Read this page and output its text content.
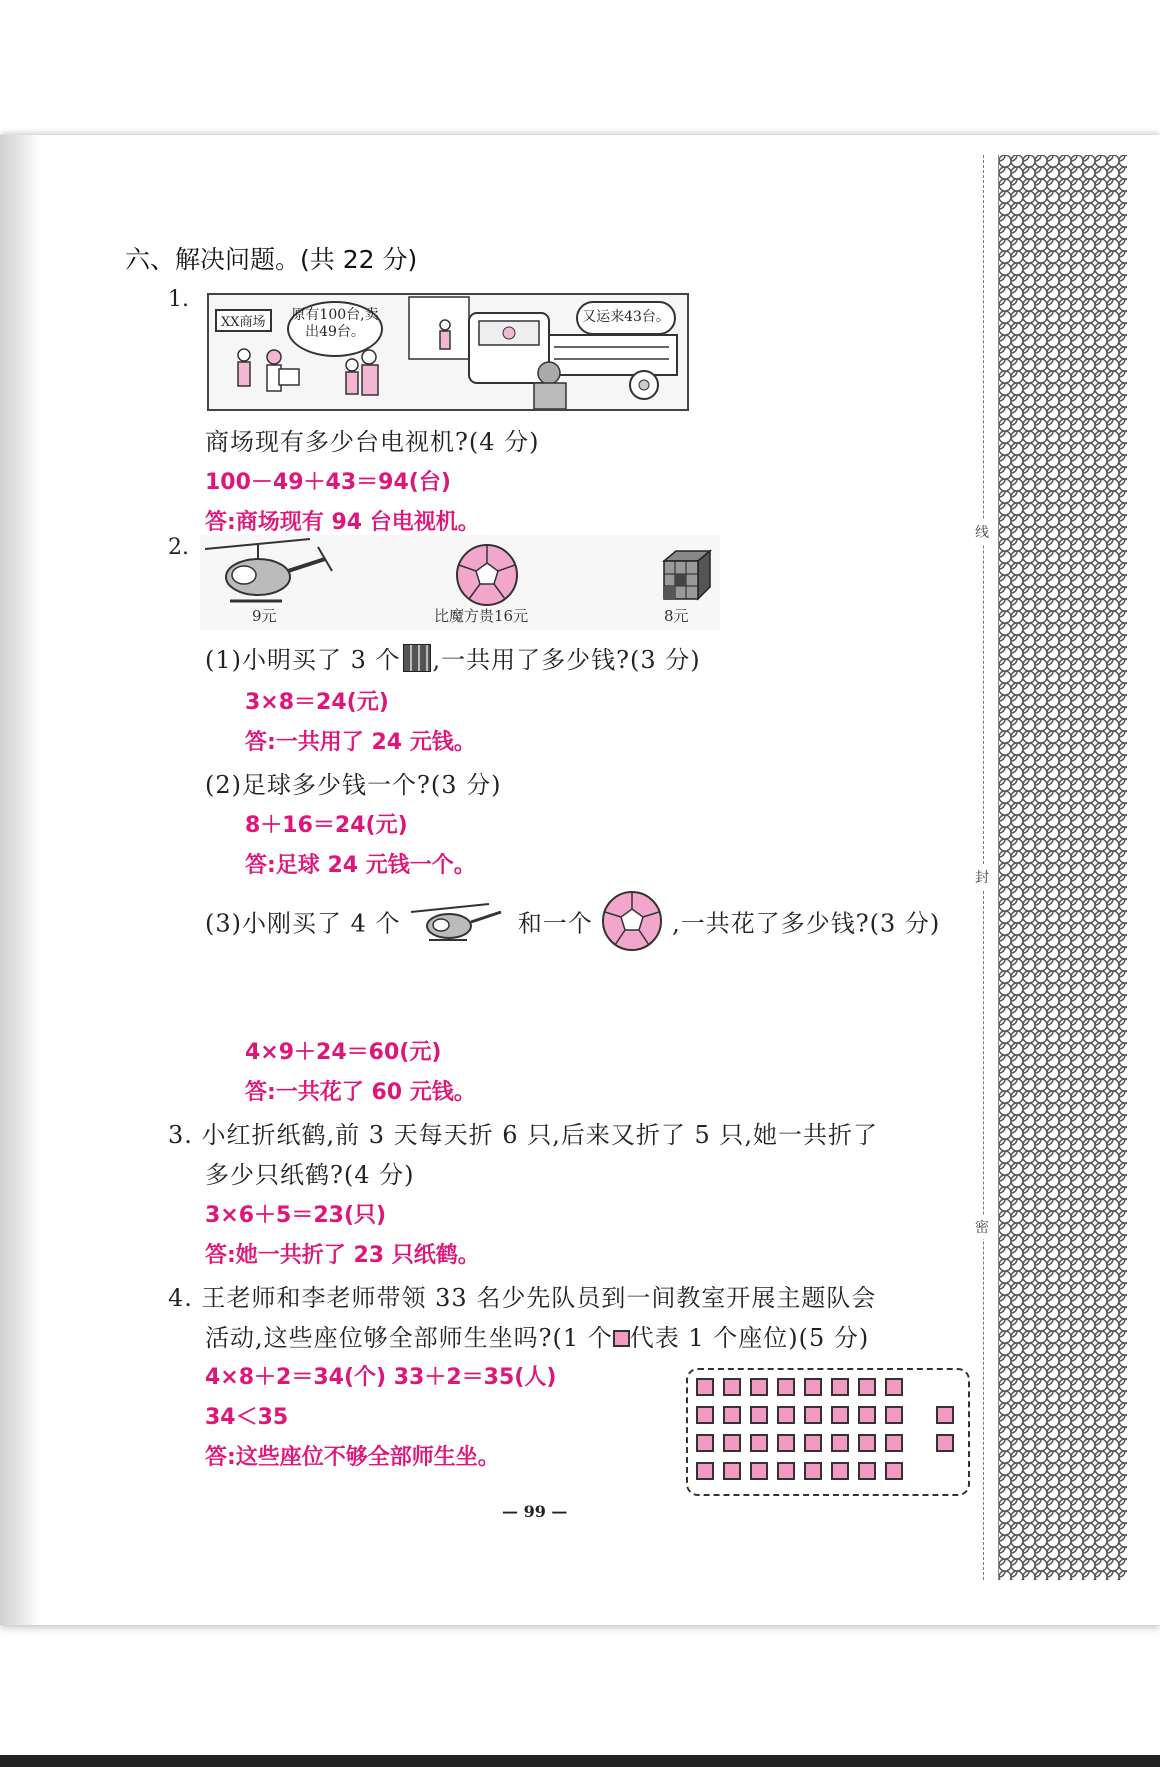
线
封
密
六、解决问题。(共 22 分)
1.
XX商场	原有100台,卖出49台。
又运来43台。
商场现有多少台电视机?(4 分)
100－49＋43＝94(台)
答:商场现有 94 台电视机。
2.
9元	比魔方贵16元	8元
(1)小明买了 3 个 ,一共用了多少钱?(3 分)
3×8＝24(元)
答:一共用了 24 元钱。
(2)足球多少钱一个?(3 分)
8＋16＝24(元)
答:足球 24 元钱一个。
(3)小刚买了 4 个	和一个	,一共花了多少钱?(3 分)
4×9＋24＝60(元)
答:一共花了 60 元钱。
3. 小红折纸鹤,前 3 天每天折 6 只,后来又折了 5 只,她一共折了
多少只纸鹤?(4 分)
3×6＋5＝23(只)
答:她一共折了 23 只纸鹤。
4. 王老师和李老师带领 33 名少先队员到一间教室开展主题队会
活动,这些座位够全部师生坐吗?(1 个 代表 1 个座位)(5 分)
4×8＋2＝34(个) 33＋2＝35(人)
34＜35
答:这些座位不够全部师生坐。
— 99 —
